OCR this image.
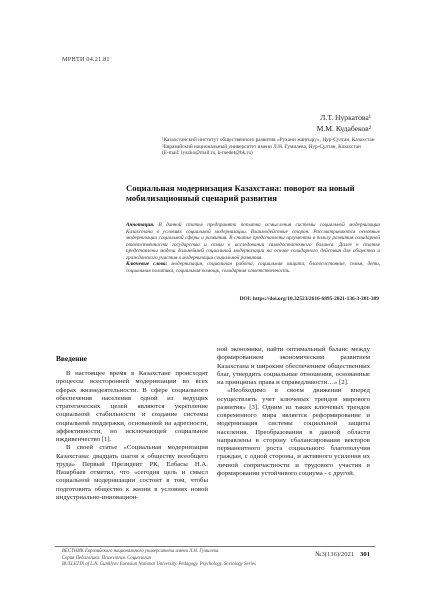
МРНТИ 04.21.81
Л.Т. Нуркатова¹
М.М. Кудабеков²
¹Казахстанский институт общественного развития «Рухани жаңғыру», Нур-Султан, Казахстан
²Евразийский национальный университет имени Л.Н. Гумилева, Нур-Султан, Казахстан
(E-mail: lyazko@mail.ru, k-medet@bk.ru)
Социальная модернизация Казахстана: поворот на новый мобилизационный сценарий развития

Аннотация. В данной статье предпринята попытка осмысления системы социальной модернизации Казахстана в условиях социальной модернизации. Взаимодействие сторон. Рассматриваются основные модернизации социальной сферы и развития. В статье представлены аргументы в пользу развития солидарной ответственности государства и семьи в исследовании самодостаточного баланса. Далее в статье представлены модели дальнейшей социальной модернизации на основе солидарного действия для общества и гражданского участия в модернизации социальной развития.

Ключевые слова: модернизация, социальная работа, социальная защита, благосостояние, семья, дети, социальная политика, социальная помощь, солидарная ответственность.

DOI: https://doi.org/10.32523/2616-6895-2021-136-3-301-309
Введение

В настоящее время в Казахстане происходят процессы всесторонней модернизации во всех сферах жизнедеятельности. В сфере социального обеспечения населения одной из ведущих стратегических целей являются укрепление социальной стабильности и создание системы социальной поддержки, основанной на адресности, эффективности, но исключающей социальное иждивенчество [1].

В своей статье «Социальная модернизация Казахстана: двадцать шагов к обществу всеобщего труда» Первый Президент РК, Елбасы Н.А. Назарбаев отметил, что «сегодня цель и смысл социальной модернизации состоит в том, чтобы подготовить общество к жизни в условиях новой индустриально-инновацион-

ной экономики, найти оптимальный баланс между формированием экономическим развитием Казахстана и широким обеспечением общественных благ, утвердить социальные отношения, основанные на принципах права и справедливости…» [2].

«Необходимо в своем движении вперед осуществлять учет ключевых трендов мирового развития» [3]. Одним из таких ключевых трендов современного мира является реформирование и модернизация системы социальной защиты населения. Преобразования в данной области направлены в сторону сбалансирования векторов перманентного роста социального благополучия граждан, с одной стороны, и активного усиления их личной сопричастности и трудового участия в формировании устойчивого социума - с другой.

ВЕСТНИК Евразийского национального университета имени Л.Н. Гумилева.

Серия Педагогика. Психология. Социология

BULLETIN of L.N. Gumilyov Eurasian National University. Pedagogy. Psychology. Sociology Series

№3(136)/2021 301
